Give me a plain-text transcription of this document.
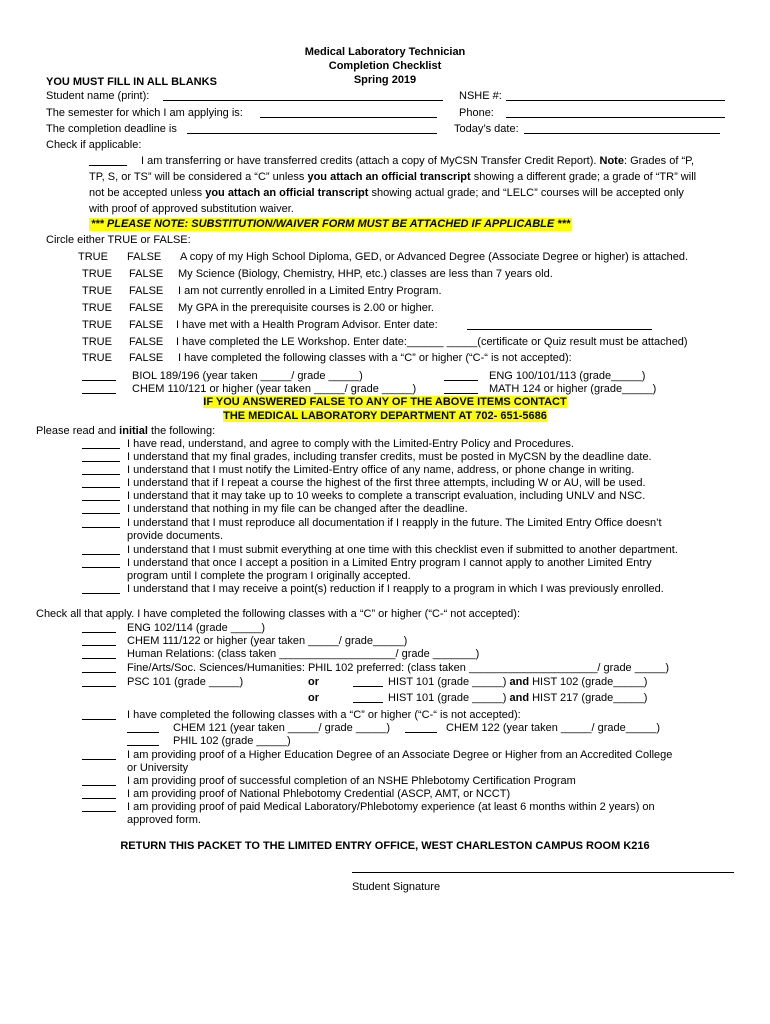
Medical Laboratory Technician
Completion Checklist
Spring 2019
YOU MUST FILL IN ALL BLANKS
Student name (print):	NSHE #:
The semester for which I am applying is:	Phone:
The completion deadline is	Today’s date:
Check if applicable:
I am transferring or have transferred credits (attach a copy of MyCSN Transfer Credit Report). Note: Grades of “P,
TP, S, or TS” will be considered a “C” unless you attach an official transcript showing a different grade; a grade of “TR” will
not be accepted unless you attach an official transcript showing actual grade; and “LELC” courses will be accepted only
with proof of approved substitution waiver.
*** PLEASE NOTE: SUBSTITUTION/WAIVER FORM MUST BE ATTACHED IF APPLICABLE ***
Circle either TRUE or FALSE:
TRUE FALSE A copy of my High School Diploma, GED, or Advanced Degree (Associate Degree or higher) is attached.
TRUE FALSE My Science (Biology, Chemistry, HHP, etc.) classes are less than 7 years old.
TRUE FALSE I am not currently enrolled in a Limited Entry Program.
TRUE FALSE My GPA in the prerequisite courses is 2.00 or higher.
TRUE FALSE I have met with a Health Program Advisor. Enter date:
TRUE FALSE I have completed the LE Workshop. Enter date:______ _____(certificate or Quiz result must be attached)
TRUE FALSE I have completed the following classes with a “C” or higher (“C-“ is not accepted):
BIOL 189/196 (year taken _____/ grade _____)	ENG 100/101/113 (grade_____)
CHEM 110/121 or higher (year taken _____/ grade _____)	MATH 124 or higher (grade_____)
IF YOU ANSWERED FALSE TO ANY OF THE ABOVE ITEMS CONTACT
THE MEDICAL LABORATORY DEPARTMENT AT 702- 651-5686
Please read and initial the following:
I have read, understand, and agree to comply with the Limited-Entry Policy and Procedures.
I understand that my final grades, including transfer credits, must be posted in MyCSN by the deadline date.
I understand that I must notify the Limited-Entry office of any name, address, or phone change in writing.
I understand that if I repeat a course the highest of the first three attempts, including W or AU, will be used.
I understand that it may take up to 10 weeks to complete a transcript evaluation, including UNLV and NSC.
I understand that nothing in my file can be changed after the deadline.
I understand that I must reproduce all documentation if I reapply in the future. The Limited Entry Office doesn’t
provide documents.
I understand that I must submit everything at one time with this checklist even if submitted to another department.
I understand that once I accept a position in a Limited Entry program I cannot apply to another Limited Entry
program until I complete the program I originally accepted.
I understand that I may receive a point(s) reduction if I reapply to a program in which I was previously enrolled.
Check all that apply. I have completed the following classes with a “C” or higher (“C-“ not accepted):
ENG 102/114 (grade _____)
CHEM 111/122 or higher (year taken _____/ grade_____)
Human Relations: (class taken ___________________/ grade _______)
Fine/Arts/Soc. Sciences/Humanities: PHIL 102 preferred: (class taken _____________________/ grade _____)
PSC 101 (grade _____)	or	HIST 101 (grade _____) and HIST 102 (grade_____)
or	HIST 101 (grade _____) and HIST 217 (grade_____)
I have completed the following classes with a “C” or higher (“C-“ is not accepted):
CHEM 121 (year taken _____/ grade _____)	CHEM 122 (year taken _____/ grade_____)
PHIL 102 (grade _____)
I am providing proof of a Higher Education Degree of an Associate Degree or Higher from an Accredited College
or University
I am providing proof of successful completion of an NSHE Phlebotomy Certification Program
I am providing proof of National Phlebotomy Credential (ASCP, AMT, or NCCT)
I am providing proof of paid Medical Laboratory/Phlebotomy experience (at least 6 months within 2 years) on
approved form.
RETURN THIS PACKET TO THE LIMITED ENTRY OFFICE, WEST CHARLESTON CAMPUS ROOM K216
Student Signature
